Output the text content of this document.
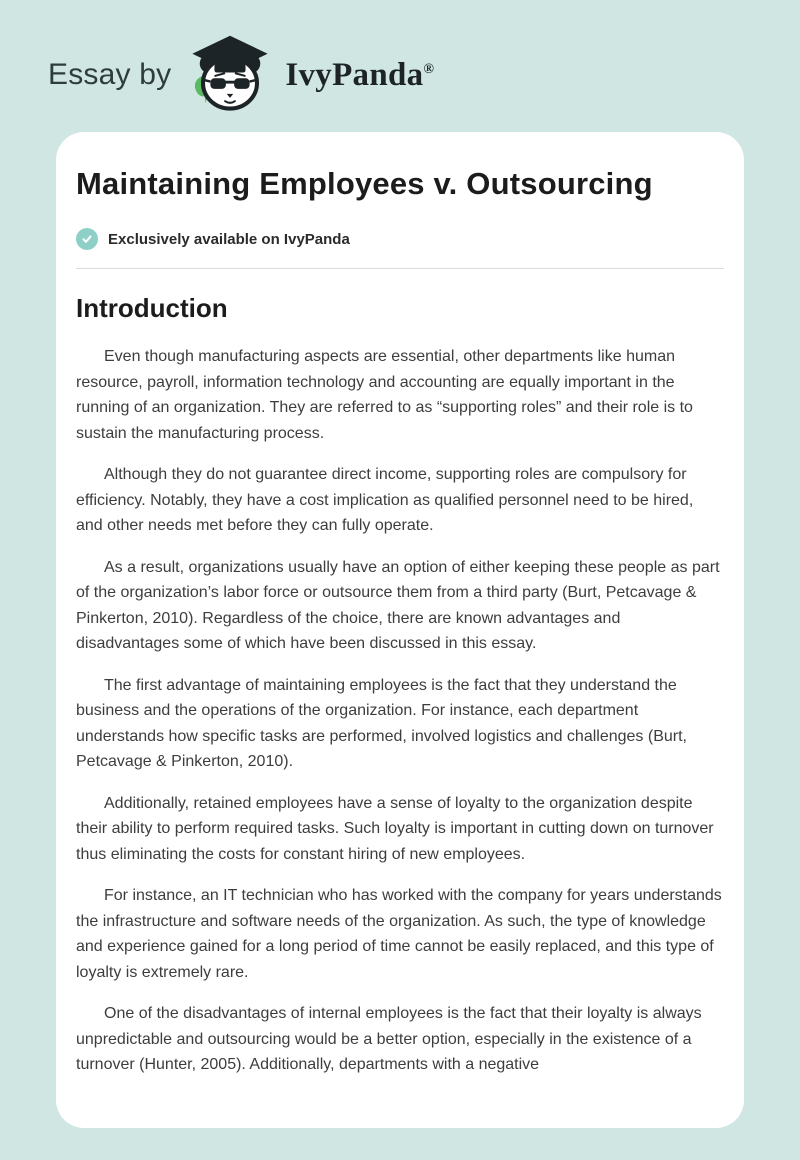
Essay by	IvyPanda®
Maintaining Employees v. Outsourcing
Exclusively available on IvyPanda
Introduction

Even though manufacturing aspects are essential, other departments like human resource, payroll, information technology and accounting are equally important in the running of an organization. They are referred to as “supporting roles” and their role is to sustain the manufacturing process.

Although they do not guarantee direct income, supporting roles are compulsory for efficiency. Notably, they have a cost implication as qualified personnel need to be hired, and other needs met before they can fully operate.

As a result, organizations usually have an option of either keeping these people as part of the organization’s labor force or outsource them from a third party (Burt, Petcavage & Pinkerton, 2010). Regardless of the choice, there are known advantages and disadvantages some of which have been discussed in this essay.

The first advantage of maintaining employees is the fact that they understand the business and the operations of the organization. For instance, each department understands how specific tasks are performed, involved logistics and challenges (Burt, Petcavage & Pinkerton, 2010).

Additionally, retained employees have a sense of loyalty to the organization despite their ability to perform required tasks. Such loyalty is important in cutting down on turnover thus eliminating the costs for constant hiring of new employees.

For instance, an IT technician who has worked with the company for years understands the infrastructure and software needs of the organization. As such, the type of knowledge and experience gained for a long period of time cannot be easily replaced, and this type of loyalty is extremely rare.

One of the disadvantages of internal employees is the fact that their loyalty is always unpredictable and outsourcing would be a better option, especially in the existence of a turnover (Hunter, 2005). Additionally, departments with a negative
